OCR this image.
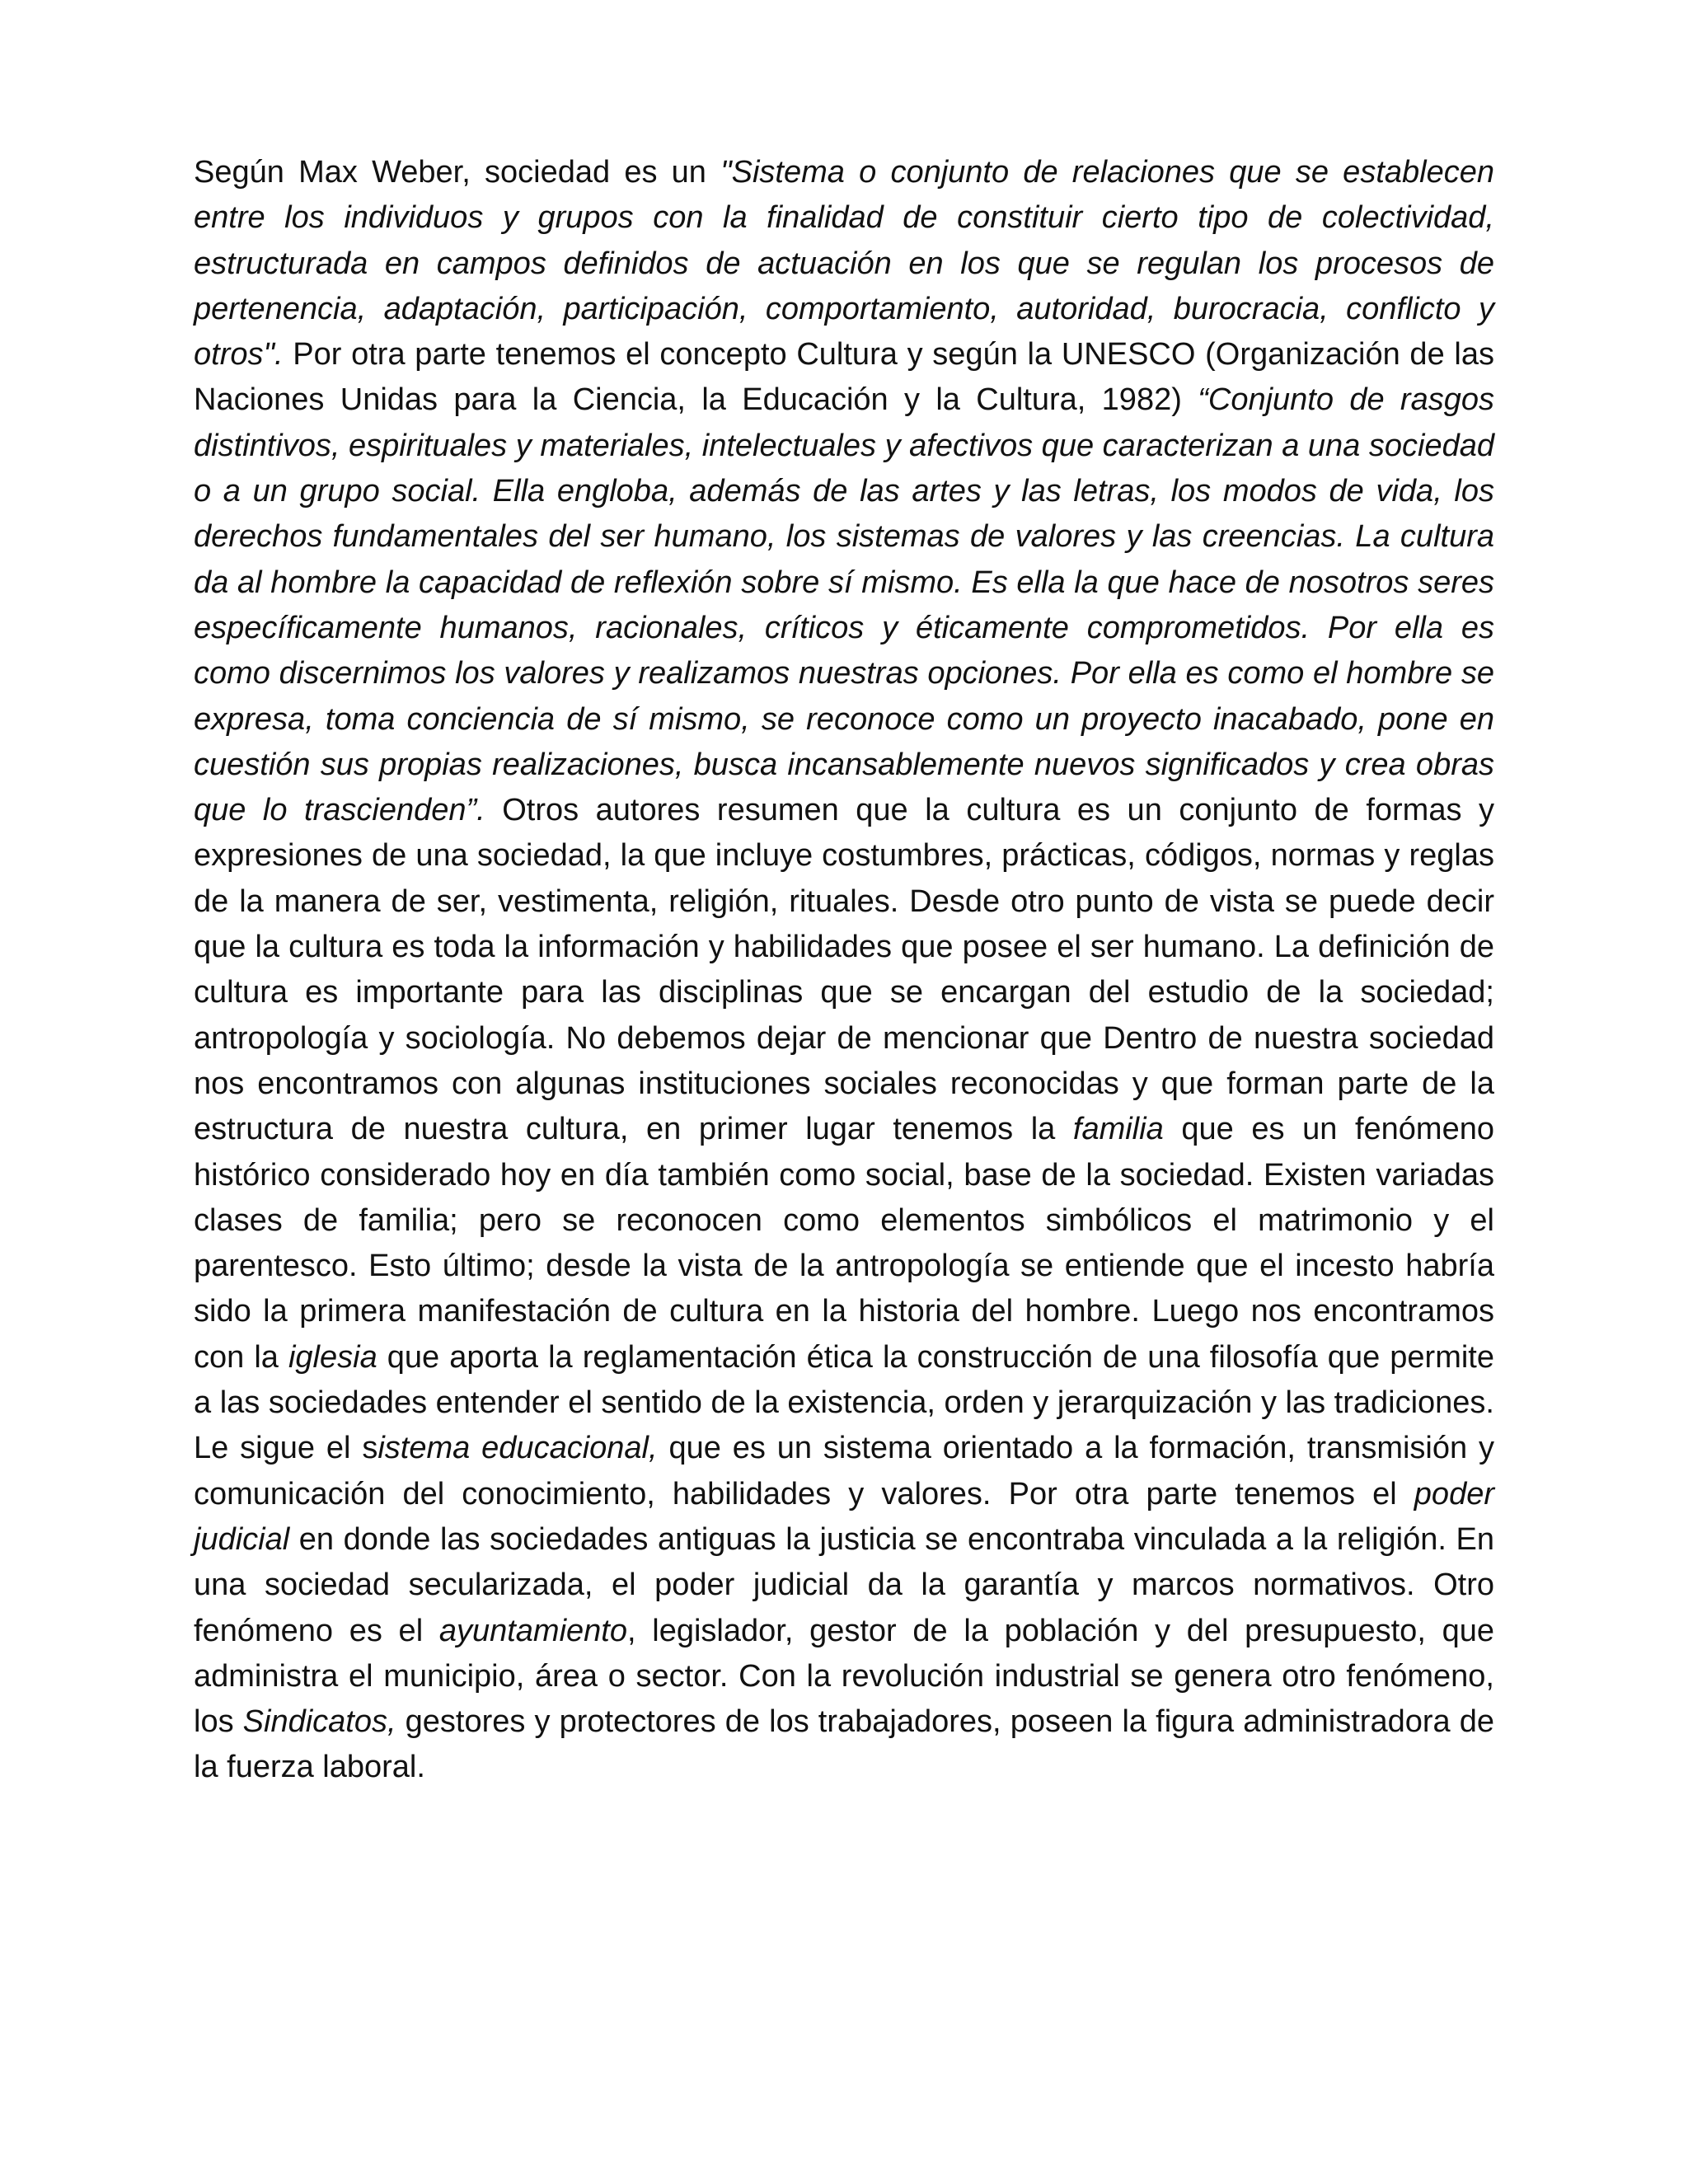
Según Max Weber, sociedad es un "Sistema o conjunto de relaciones que se establecen entre los individuos y grupos con la finalidad de constituir cierto tipo de colectividad, estructurada en campos definidos de actuación en los que se regulan los procesos de pertenencia, adaptación, participación, comportamiento, autoridad, burocracia, conflicto y otros". Por otra parte tenemos el concepto Cultura y según la UNESCO (Organización de las Naciones Unidas para la Ciencia, la Educación y la Cultura, 1982) “Conjunto de rasgos distintivos, espirituales y materiales, intelectuales y afectivos que caracterizan a una sociedad o a un grupo social. Ella engloba, además de las artes y las letras, los modos de vida, los derechos fundamentales del ser humano, los sistemas de valores y las creencias. La cultura da al hombre la capacidad de reflexión sobre sí mismo. Es ella la que hace de nosotros seres específicamente humanos, racionales, críticos y éticamente comprometidos. Por ella es como discernimos los valores y realizamos nuestras opciones. Por ella es como el hombre se expresa, toma conciencia de sí mismo, se reconoce como un proyecto inacabado, pone en cuestión sus propias realizaciones, busca incansablemente nuevos significados y crea obras que lo trascienden”. Otros autores resumen que la cultura es un conjunto de formas y expresiones de una sociedad, la que incluye costumbres, prácticas, códigos, normas y reglas de la manera de ser, vestimenta, religión, rituales. Desde otro punto de vista se puede decir que la cultura es toda la información y habilidades que posee el ser humano. La definición de cultura es importante para las disciplinas que se encargan del estudio de la sociedad; antropología y sociología. No debemos dejar de mencionar que Dentro de nuestra sociedad nos encontramos con algunas instituciones sociales reconocidas y que forman parte de la estructura de nuestra cultura, en primer lugar tenemos la familia que es un fenómeno histórico considerado hoy en día también como social, base de la sociedad. Existen variadas clases de familia; pero se reconocen como elementos simbólicos el matrimonio y el parentesco. Esto último; desde la vista de la antropología se entiende que el incesto habría sido la primera manifestación de cultura en la historia del hombre. Luego nos encontramos con la iglesia que aporta la reglamentación ética la construcción de una filosofía que permite a las sociedades entender el sentido de la existencia, orden y jerarquización y las tradiciones. Le sigue el sistema educacional, que es un sistema orientado a la formación, transmisión y comunicación del conocimiento, habilidades y valores. Por otra parte tenemos el poder judicial en donde las sociedades antiguas la justicia se encontraba vinculada a la religión. En una sociedad secularizada, el poder judicial da la garantía y marcos normativos. Otro fenómeno es el ayuntamiento, legislador, gestor de la población y del presupuesto, que administra el municipio, área o sector. Con la revolución industrial se genera otro fenómeno, los Sindicatos, gestores y protectores de los trabajadores, poseen la figura administradora de la fuerza laboral.
